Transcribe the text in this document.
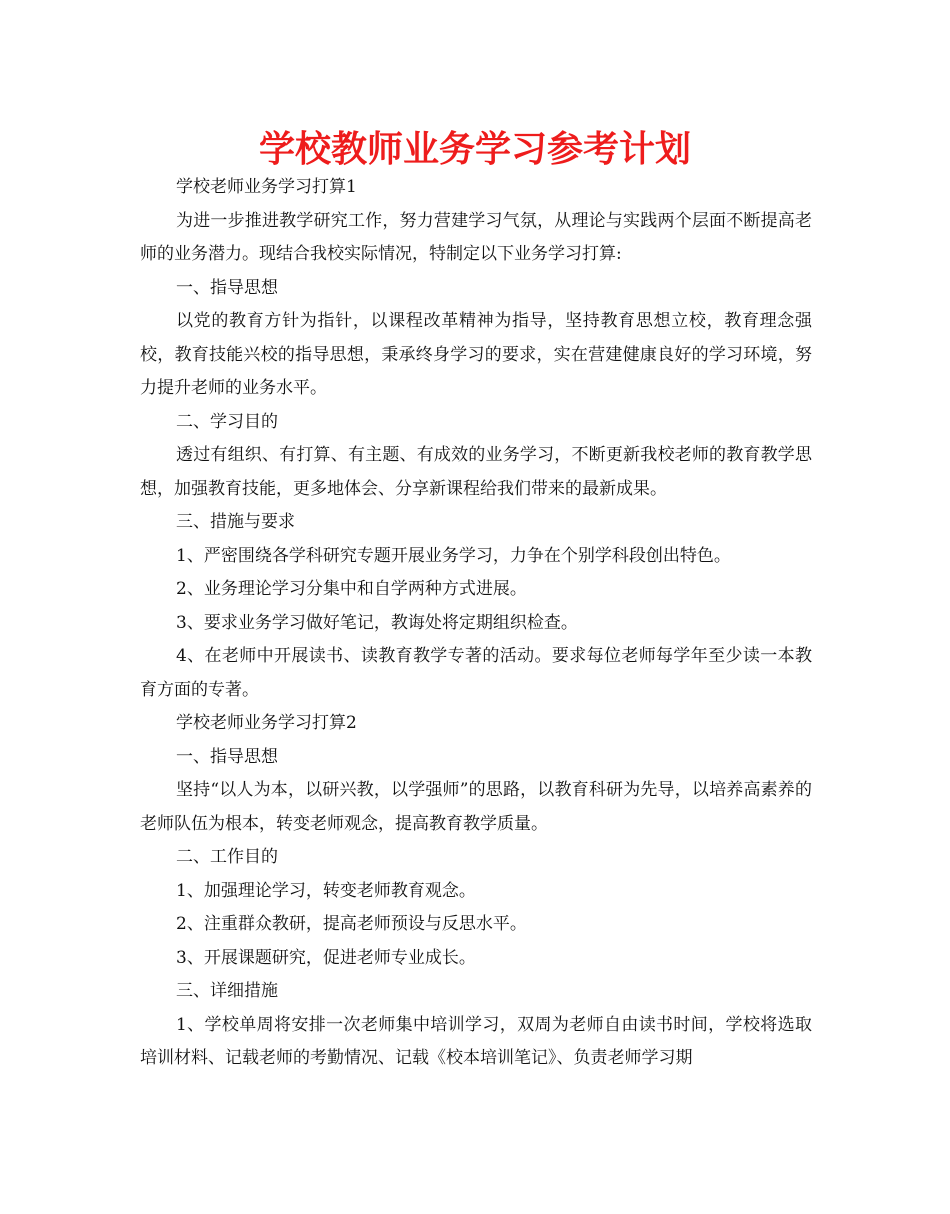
学校教师业务学习参考计划

学校老师业务学习打算1

为进一步推进教学研究工作，努力营建学习气氛，从理论与实践两个层面不断提高老师的业务潜力。现结合我校实际情况，特制定以下业务学习打算:

一、指导思想

以党的教育方针为指针，以课程改革精神为指导，坚持教育思想立校，教育理念强校，教育技能兴校的指导思想，秉承终身学习的要求，实在营建健康良好的学习环境，努力提升老师的业务水平。

二、学习目的

透过有组织、有打算、有主题、有成效的业务学习，不断更新我校老师的教育教学思想，加强教育技能，更多地体会、分享新课程给我们带来的最新成果。

三、措施与要求

1、严密围绕各学科研究专题开展业务学习，力争在个别学科段创出特色。

2、业务理论学习分集中和自学两种方式进展。

3、要求业务学习做好笔记，教诲处将定期组织检查。

4、在老师中开展读书、读教育教学专著的活动。要求每位老师每学年至少读一本教育方面的专著。

学校老师业务学习打算2

一、指导思想

坚持“以人为本，以研兴教，以学强师”的思路，以教育科研为先导，以培养高素养的老师队伍为根本，转变老师观念，提高教育教学质量。

二、工作目的

1、加强理论学习，转变老师教育观念。

2、注重群众教研，提高老师预设与反思水平。

3、开展课题研究，促进老师专业成长。

三、详细措施

1、学校单周将安排一次老师集中培训学习，双周为老师自由读书时间，学校将选取培训材料、记载老师的考勤情况、记载《校本培训笔记》、负责老师学习期
